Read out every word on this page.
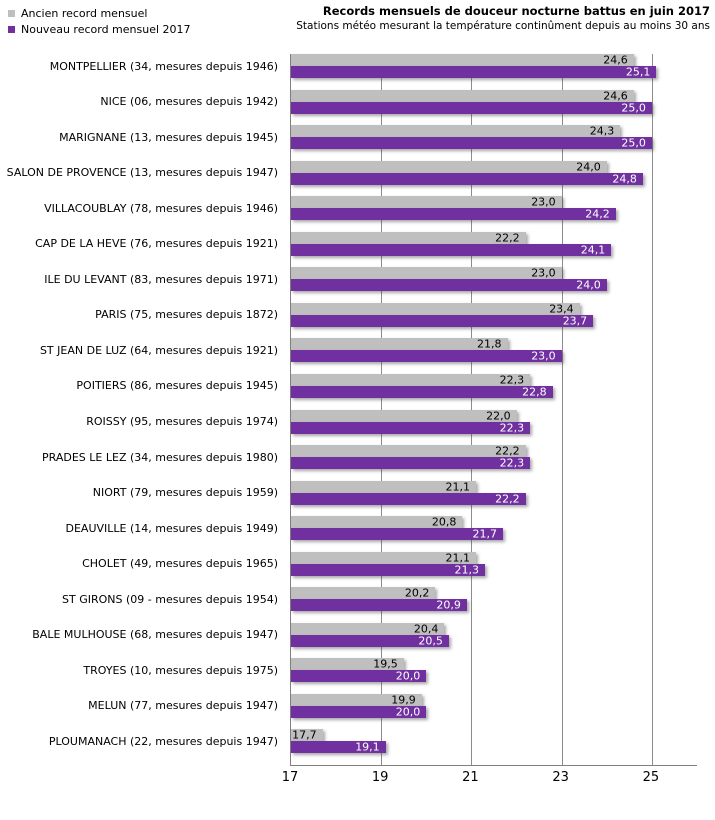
Ancien record mensuel
Nouveau record mensuel 2017
Records mensuels de douceur nocturne battus en juin 2017
Stations météo mesurant la température continûment depuis au moins 30 ans
MONTPELLIER (34, mesures depuis 1946)
NICE (06, mesures depuis 1942)
MARIGNANE (13, mesures depuis 1945)
SALON DE PROVENCE (13, mesures depuis 1947)
VILLACOUBLAY (78, mesures depuis 1946)
CAP DE LA HEVE (76, mesures depuis 1921)
ILE DU LEVANT (83, mesures depuis 1971)
PARIS (75, mesures depuis 1872)
ST JEAN DE LUZ (64, mesures depuis 1921)
POITIERS (86, mesures depuis 1945)
ROISSY (95, mesures depuis 1974)
PRADES LE LEZ (34, mesures depuis 1980)
NIORT (79, mesures depuis 1959)
DEAUVILLE (14, mesures depuis 1949)
CHOLET (49, mesures depuis 1965)
ST GIRONS (09 - mesures depuis 1954)
BALE MULHOUSE (68, mesures depuis 1947)
TROYES (10, mesures depuis 1975)
MELUN (77, mesures depuis 1947)
PLOUMANACH (22, mesures depuis 1947)
24,6
25,1
24,6
25,0
24,3
25,0
24,0
24,8
23,0
24,2
22,2
24,1
23,0
24,0
23,4
23,7
21,8
23,0
22,3
22,8
22,0
22,3
22,2
22,3
21,1
22,2
20,8
21,7
21,1
21,3
20,2
20,9
20,4
20,5
19,5
20,0
19,9
20,0
17,7
19,1
17	19	21	23	25
